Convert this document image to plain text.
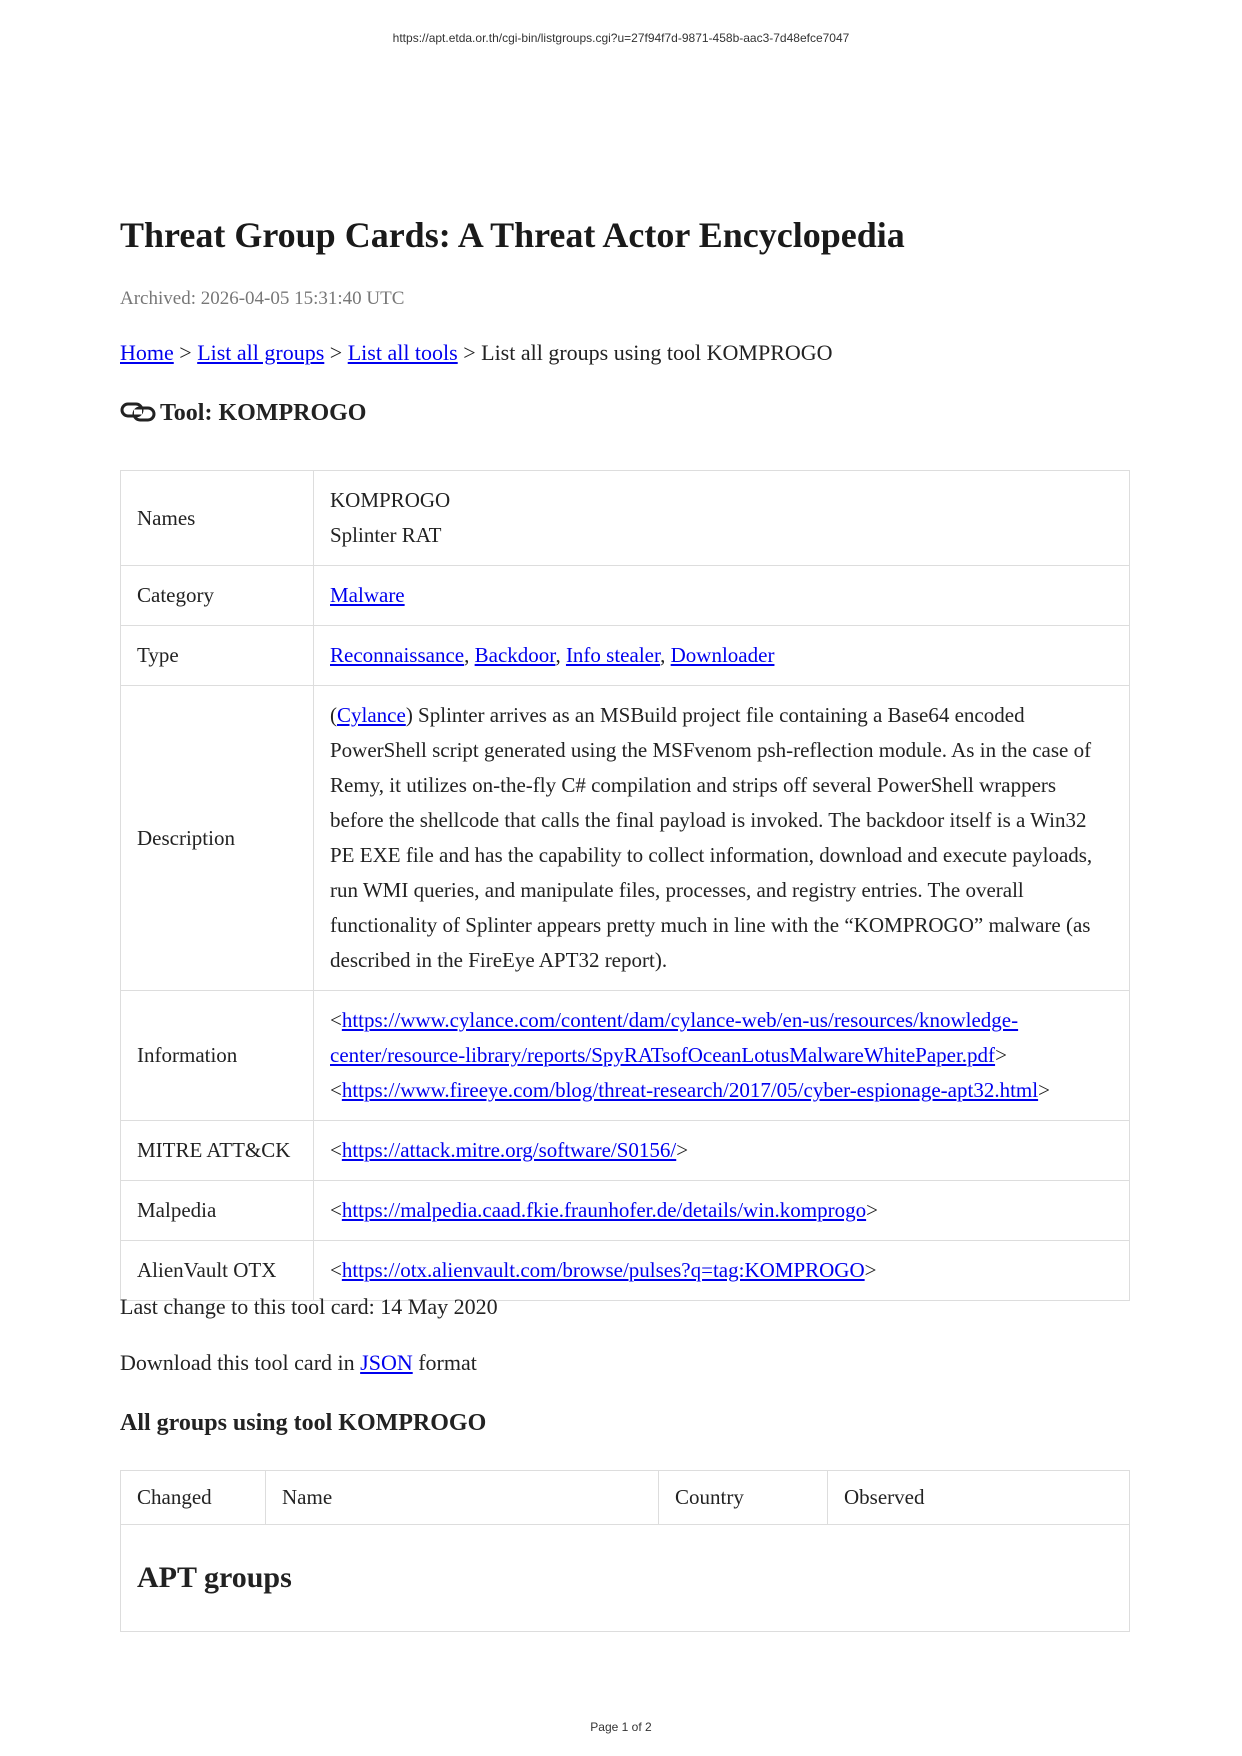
https://apt.etda.or.th/cgi-bin/listgroups.cgi?u=27f94f7d-9871-458b-aac3-7d48efce7047
Threat Group Cards: A Threat Actor Encyclopedia
Archived: 2026-04-05 15:31:40 UTC
Home > List all groups > List all tools > List all groups using tool KOMPROGO
Tool: KOMPROGO
Names	KOMPROGO
Splinter RAT
Category	Malware
Type	Reconnaissance, Backdoor, Info stealer, Downloader
Description	(Cylance) Splinter arrives as an MSBuild project file containing a Base64 encoded PowerShell script generated using the MSFvenom psh-reflection module. As in the case of Remy, it utilizes on-the-fly C# compilation and strips off several PowerShell wrappers before the shellcode that calls the final payload is invoked. The backdoor itself is a Win32 PE EXE file and has the capability to collect information, download and execute payloads, run WMI queries, and manipulate files, processes, and registry entries. The overall functionality of Splinter appears pretty much in line with the “KOMPROGO” malware (as described in the FireEye APT32 report).
Information	<https://www.cylance.com/content/dam/cylance-web/en-us/resources/knowledge-center/resource-library/reports/SpyRATsofOceanLotusMalwareWhitePaper.pdf>
<https://www.fireeye.com/blog/threat-research/2017/05/cyber-espionage-apt32.html>
MITRE ATT&CK	<https://attack.mitre.org/software/S0156/>
Malpedia	<https://malpedia.caad.fkie.fraunhofer.de/details/win.komprogo>
AlienVault OTX	<https://otx.alienvault.com/browse/pulses?q=tag:KOMPROGO>
Last change to this tool card: 14 May 2020
Download this tool card in JSON format
All groups using tool KOMPROGO
Changed	Name	Country	Observed

APT groups
Page 1 of 2
